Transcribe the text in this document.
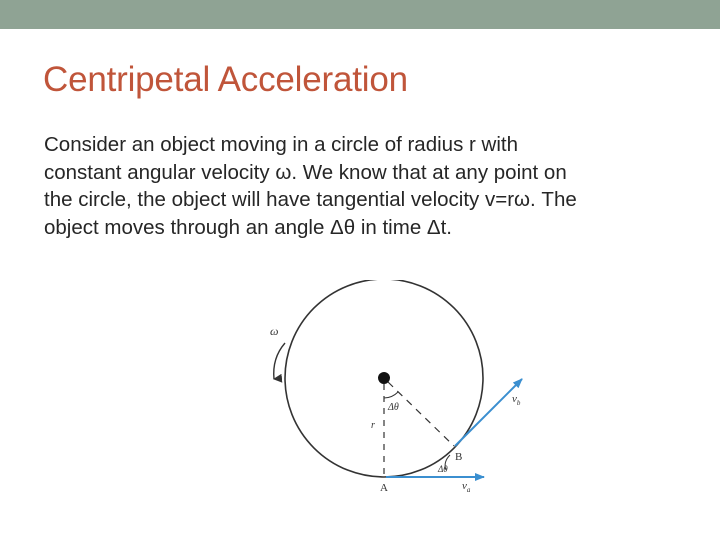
Centripetal Acceleration
Consider an object moving in a circle of radius r with
constant angular velocity ω. We know that at any point on
the circle, the object will have tangential velocity v=rω. The
object moves through an angle Δθ in time Δt.
ω
Δθ
r
B
Δθ
$v_b$
$v_a$
A
